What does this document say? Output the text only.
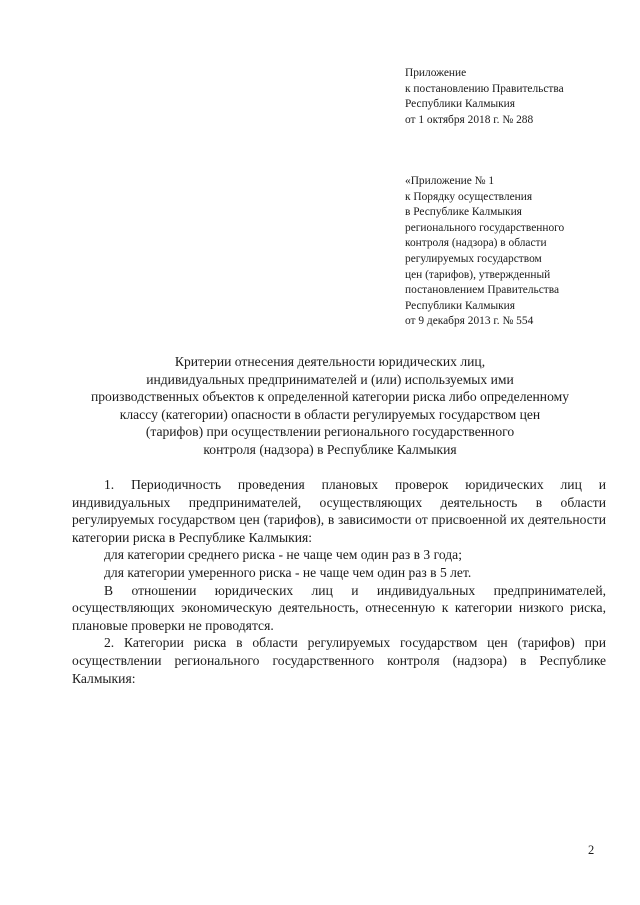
Приложение
к постановлению Правительства
Республики Калмыкия
от 1 октября 2018 г. № 288
«Приложение № 1
к Порядку осуществления
в Республике Калмыкия
регионального государственного
контроля (надзора) в области
регулируемых государством
цен (тарифов), утвержденный
постановлением Правительства
Республики Калмыкия
от 9 декабря 2013 г. № 554
Критерии отнесения деятельности юридических лиц,
индивидуальных предпринимателей и (или) используемых ими
производственных объектов к определенной категории риска либо определенному
классу (категории) опасности в области регулируемых государством цен
(тарифов) при осуществлении регионального государственного
контроля (надзора) в Республике Калмыкия

1. Периодичность проведения плановых проверок юридических лиц и индивидуальных предпринимателей, осуществляющих деятельность в области регулируемых государством цен (тарифов), в зависимости от присвоенной их деятельности категории риска в Республике Калмыкия:

для категории среднего риска - не чаще чем один раз в 3 года;

для категории умеренного риска - не чаще чем один раз в 5 лет.

В отношении юридических лиц и индивидуальных предпринимателей, осуществляющих экономическую деятельность, отнесенную к категории низкого риска, плановые проверки не проводятся.

2. Категории риска в области регулируемых государством цен (тарифов) при осуществлении регионального государственного контроля (надзора) в Республике Калмыкия:

2
